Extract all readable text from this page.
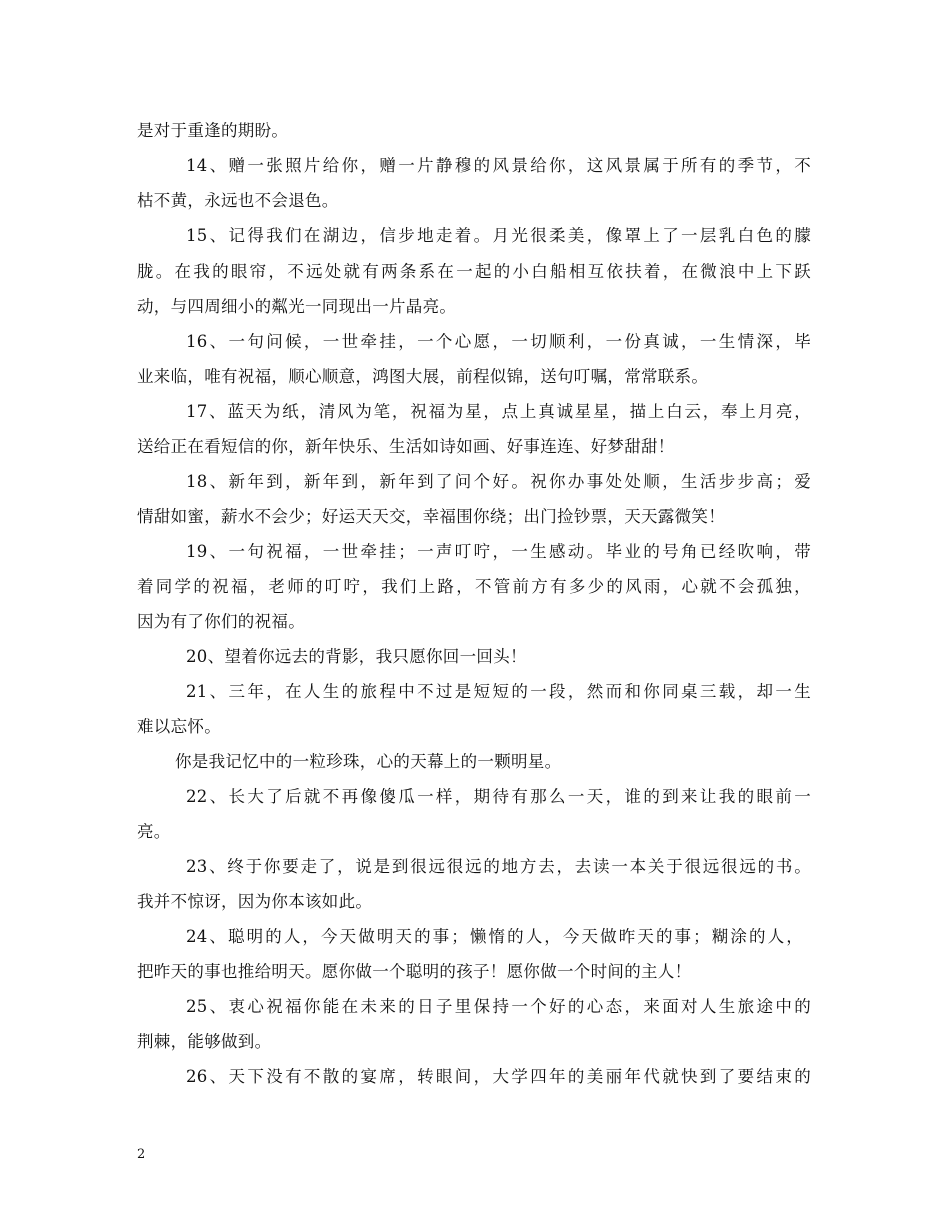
是对于重逢的期盼。
14、赠一张照片给你，赠一片静穆的风景给你，这风景属于所有的季节，不
枯不黄，永远也不会退色。
15、记得我们在湖边，信步地走着。月光很柔美，像罩上了一层乳白色的朦
胧。在我的眼帘，不远处就有两条系在一起的小白船相互依扶着，在微浪中上下跃
动，与四周细小的粼光一同现出一片晶亮。
16、一句问候，一世牵挂，一个心愿，一切顺利，一份真诚，一生情深，毕
业来临，唯有祝福，顺心顺意，鸿图大展，前程似锦，送句叮嘱，常常联系。
17、蓝天为纸，清风为笔，祝福为星，点上真诚星星，描上白云，奉上月亮，
送给正在看短信的你，新年快乐、生活如诗如画、好事连连、好梦甜甜！
18、新年到，新年到，新年到了问个好。祝你办事处处顺，生活步步高；爱
情甜如蜜，薪水不会少；好运天天交，幸福围你绕；出门捡钞票，天天露微笑！
19、一句祝福，一世牵挂；一声叮咛，一生感动。毕业的号角已经吹响，带
着同学的祝福，老师的叮咛，我们上路，不管前方有多少的风雨，心就不会孤独，
因为有了你们的祝福。
20、望着你远去的背影，我只愿你回一回头！
21、三年，在人生的旅程中不过是短短的一段，然而和你同桌三载，却一生
难以忘怀。
你是我记忆中的一粒珍珠，心的天幕上的一颗明星。
22、长大了后就不再像傻瓜一样，期待有那么一天，谁的到来让我的眼前一
亮。
23、终于你要走了，说是到很远很远的地方去，去读一本关于很远很远的书。
我并不惊讶，因为你本该如此。
24、聪明的人，今天做明天的事；懒惰的人，今天做昨天的事；糊涂的人，
把昨天的事也推给明天。愿你做一个聪明的孩子！愿你做一个时间的主人！
25、衷心祝福你能在未来的日子里保持一个好的心态，来面对人生旅途中的
荆棘，能够做到。
26、天下没有不散的宴席，转眼间，大学四年的美丽年代就快到了要结束的
2
